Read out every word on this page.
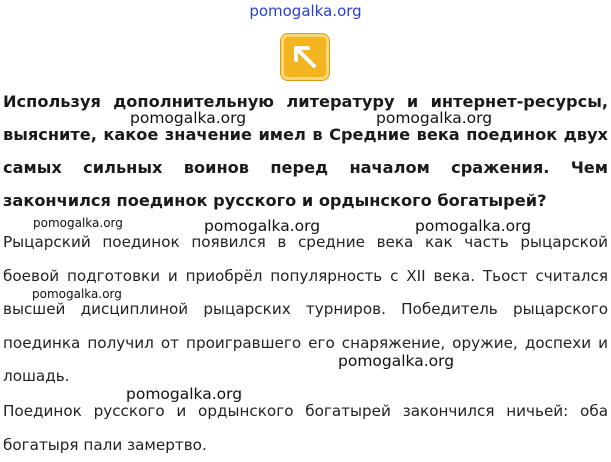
pomogalka.org

Используя дополнительную литературу и интернет-ресурсы, выясните, какое значение имел в Средние века поединок двух самых сильных воинов перед началом сражения. Чем закончился поединок русского и ордынского богатырей?

Рыцарский поединок появился в средние века как часть рыцарской боевой подготовки и приобрёл популярность с XII века. Тьост считался высшей дисциплиной рыцарских турниров. Победитель рыцарского поединка получил от проигравшего его снаряжение, оружие, доспехи и лошадь.

Поединок русского и ордынского богатырей закончился ничьей: оба богатыря пали замертво.

pomogalka.org	pomogalka.org
pomogalka.org	pomogalka.org	pomogalka.org
pomogalka.org
pomogalka.org
pomogalka.org
